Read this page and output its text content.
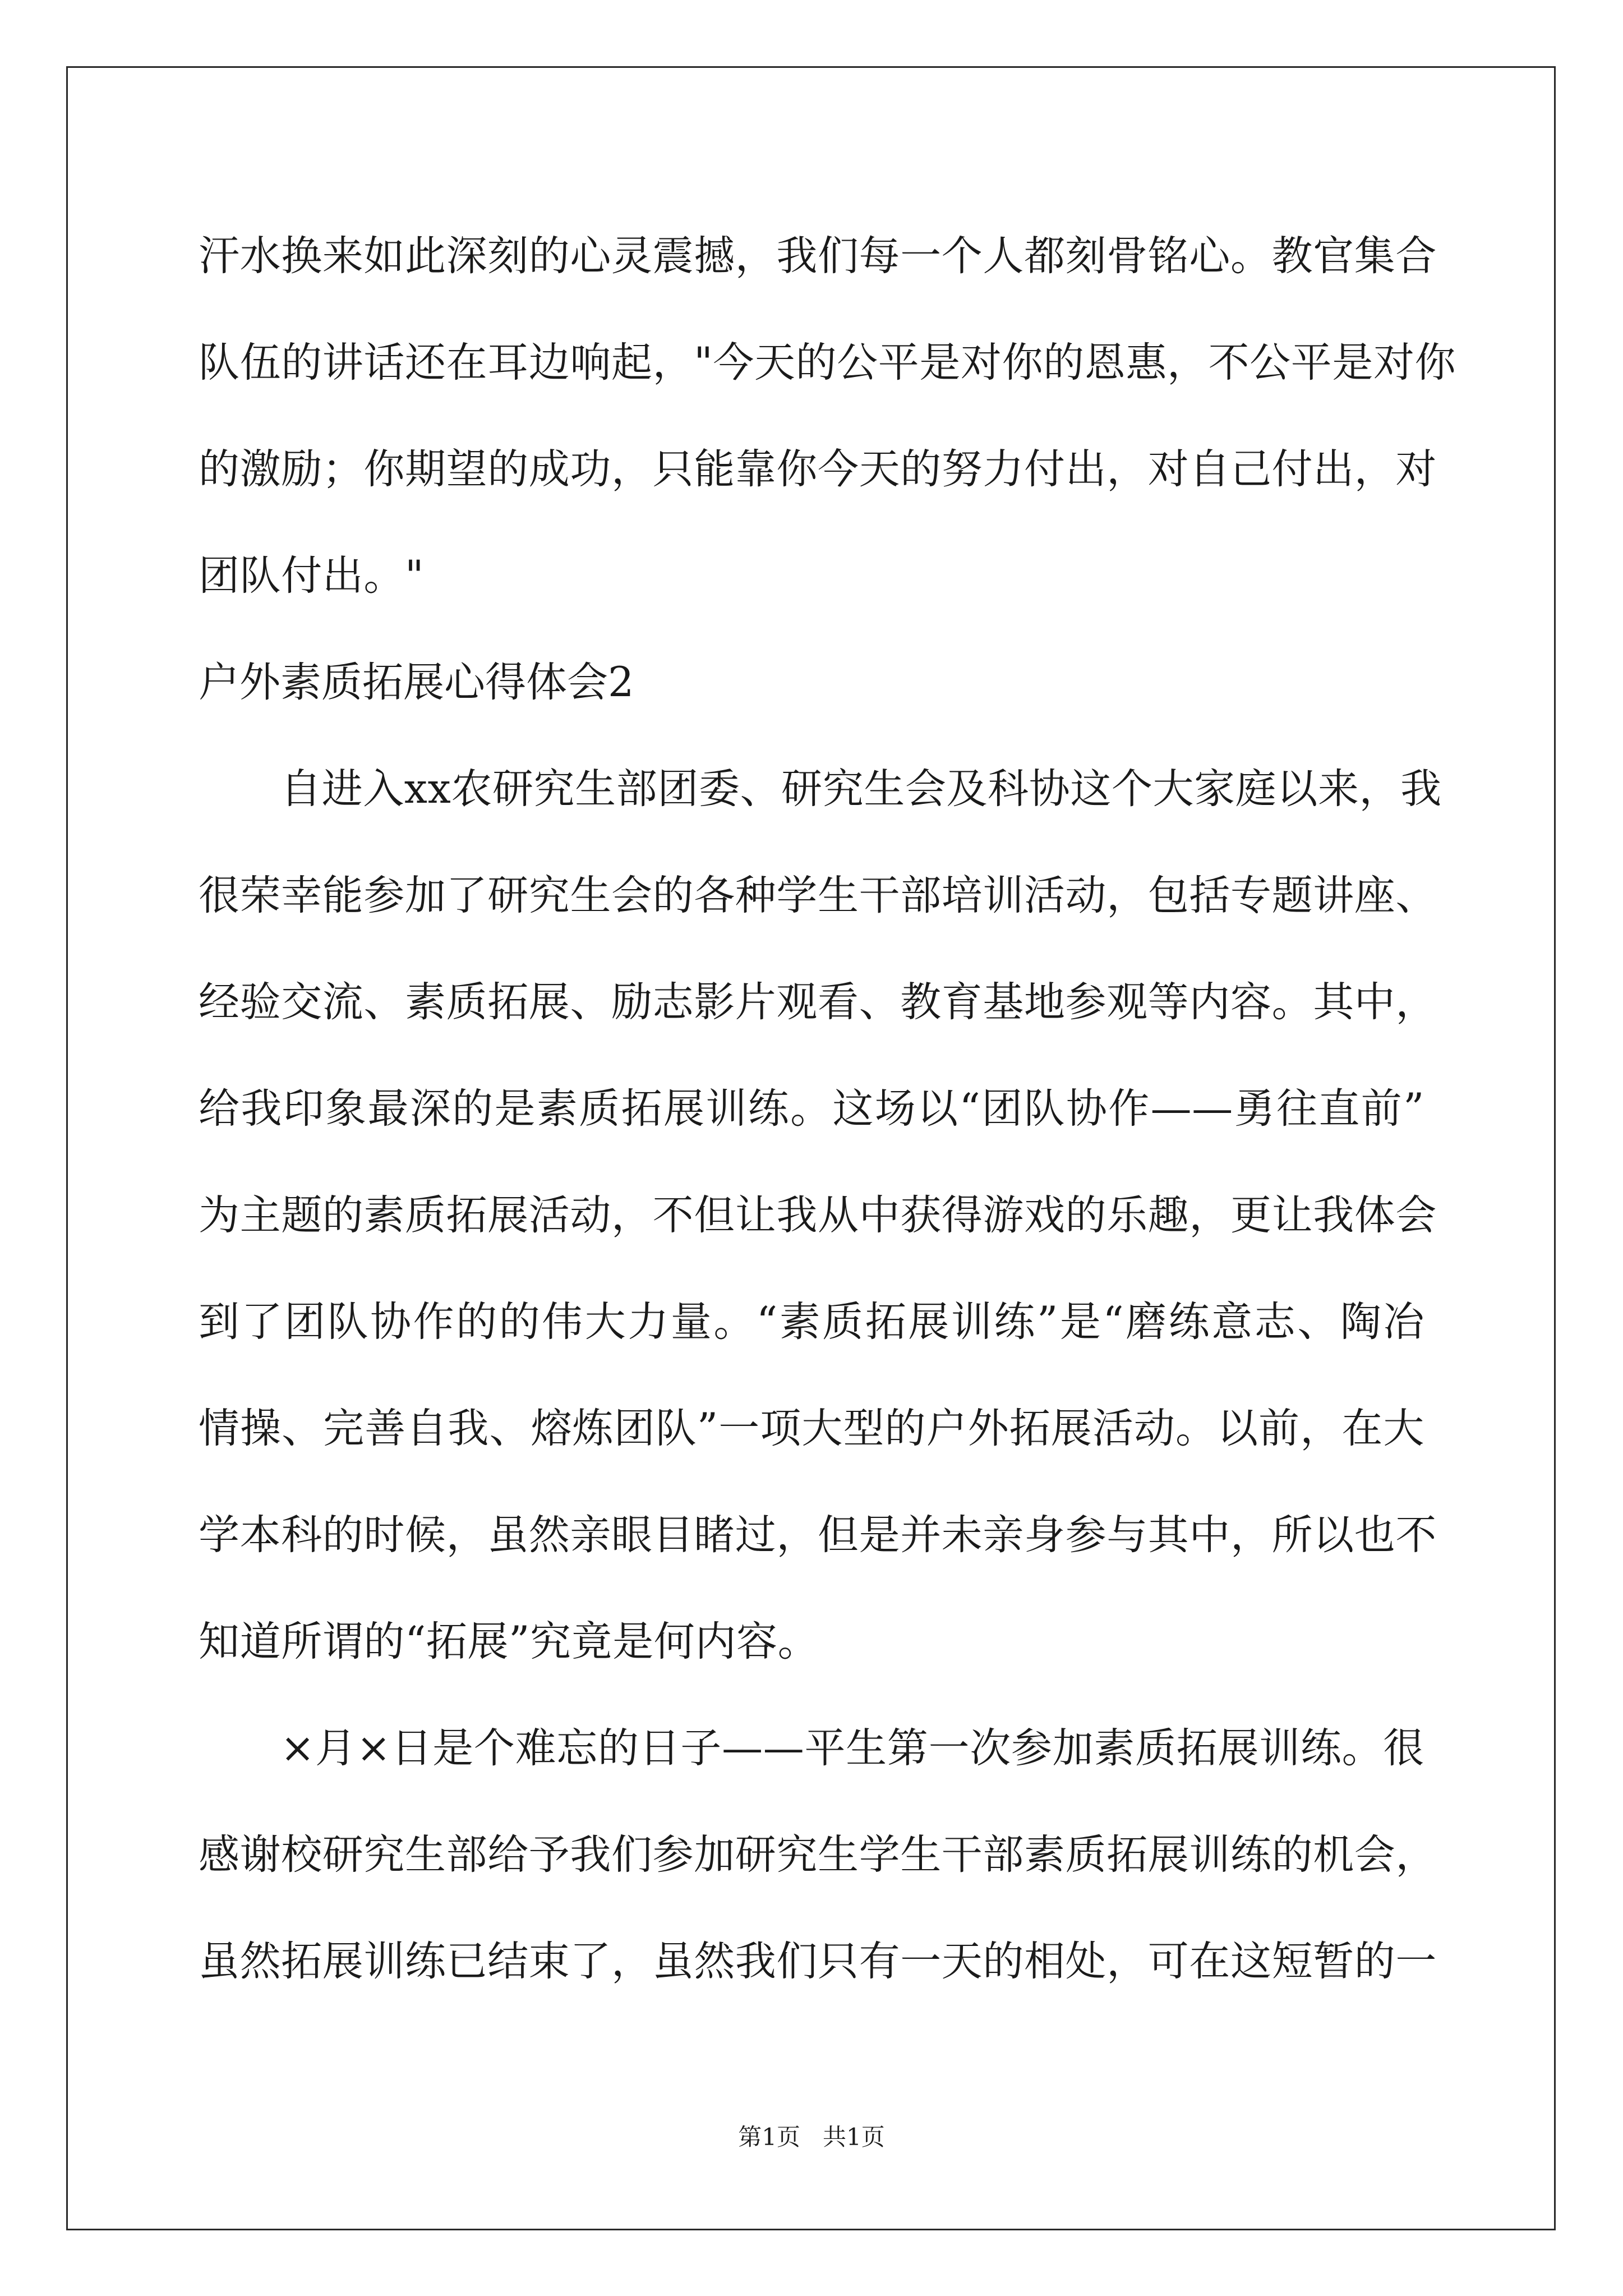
汗水换来如此深刻的心灵震撼，我们每一个人都刻骨铭心。教官集合
队伍的讲话还在耳边响起，"今天的公平是对你的恩惠，不公平是对你
的激励；你期望的成功，只能靠你今天的努力付出，对自己付出，对
团队付出。"
户外素质拓展心得体会2
自进入xx农研究生部团委、研究生会及科协这个大家庭以来，我
很荣幸能参加了研究生会的各种学生干部培训活动，包括专题讲座、
经验交流、素质拓展、励志影片观看、教育基地参观等内容。其中，
给我印象最深的是素质拓展训练。这场以“团队协作——勇往直前”
为主题的素质拓展活动，不但让我从中获得游戏的乐趣，更让我体会
到了团队协作的的伟大力量。“素质拓展训练”是“磨练意志、陶冶
情操、完善自我、熔炼团队”一项大型的户外拓展活动。以前，在大
学本科的时候，虽然亲眼目睹过，但是并未亲身参与其中，所以也不
知道所谓的“拓展”究竟是何内容。
×月×日是个难忘的日子——平生第一次参加素质拓展训练。很
感谢校研究生部给予我们参加研究生学生干部素质拓展训练的机会，
虽然拓展训练已结束了，虽然我们只有一天的相处，可在这短暂的一
第1页 共1页
